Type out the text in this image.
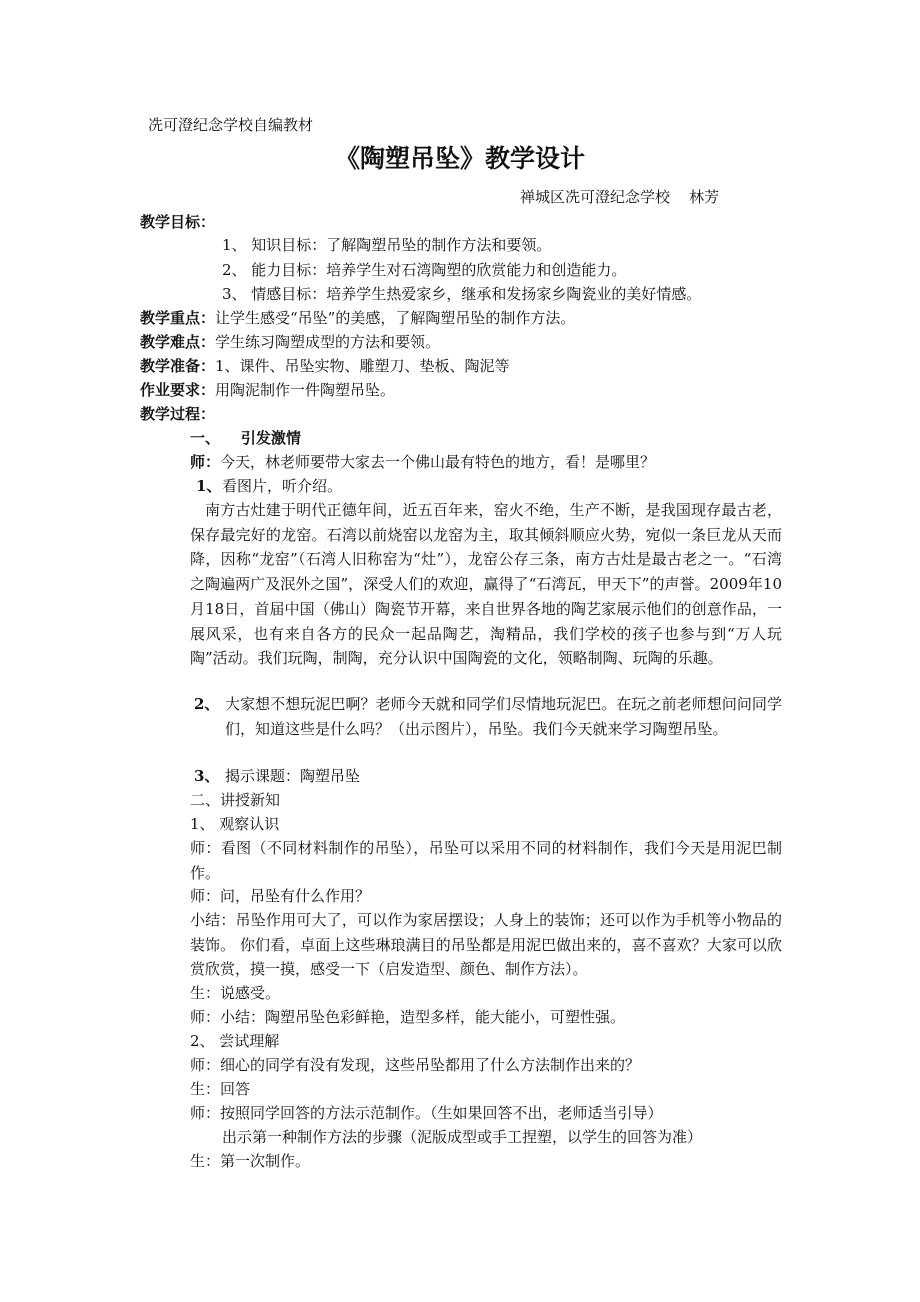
冼可澄纪念学校自编教材
《陶塑吊坠》教学设计
禅城区冼可澄纪念学校    林芳
教学目标：
1、 知识目标：了解陶塑吊坠的制作方法和要领。
2、 能力目标：培养学生对石湾陶塑的欣赏能力和创造能力。
3、 情感目标：培养学生热爱家乡，继承和发扬家乡陶瓷业的美好情感。
教学重点：让学生感受“吊坠”的美感，了解陶塑吊坠的制作方法。
教学难点：学生练习陶塑成型的方法和要领。
教学准备：1、课件、吊坠实物、雕塑刀、垫板、陶泥等
作业要求：用陶泥制作一件陶塑吊坠。
教学过程：
一、    引发激情
师：今天，林老师要带大家去一个佛山最有特色的地方，看！是哪里？
1、看图片，听介绍。
南方古灶建于明代正德年间，近五百年来，窑火不绝，生产不断，是我国现存最古老，保存最完好的龙窑。石湾以前烧窑以龙窑为主，取其倾斜顺应火势，宛似一条巨龙从天而降，因称“龙窑”（石湾人旧称窑为“灶”），龙窑公存三条，南方古灶是最古老之一。“石湾之陶遍两广及泯外之国”，深受人们的欢迎，赢得了“石湾瓦，甲天下”的声誉。2009年10月18日，首届中国（佛山）陶瓷节开幕，来自世界各地的陶艺家展示他们的创意作品，一展风采，也有来自各方的民众一起品陶艺，淘精品，我们学校的孩子也参与到“万人玩陶”活动。我们玩陶，制陶，充分认识中国陶瓷的文化，领略制陶、玩陶的乐趣。
2、 大家想不想玩泥巴啊？老师今天就和同学们尽情地玩泥巴。在玩之前老师想问问同学们，知道这些是什么吗？（出示图片），吊坠。我们今天就来学习陶塑吊坠。
3、 揭示课题：陶塑吊坠
二、讲授新知
1、 观察认识
师：看图（不同材料制作的吊坠），吊坠可以采用不同的材料制作，我们今天是用泥巴制作。
师：问，吊坠有什么作用？
小结：吊坠作用可大了，可以作为家居摆设；人身上的装饰；还可以作为手机等小物品的装饰。 你们看，卓面上这些琳琅满目的吊坠都是用泥巴做出来的，喜不喜欢？大家可以欣赏欣赏，摸一摸，感受一下（启发造型、颜色、制作方法）。
生：说感受。
师：小结：陶塑吊坠色彩鲜艳，造型多样，能大能小，可塑性强。
2、 尝试理解
师：细心的同学有没有发现，这些吊坠都用了什么方法制作出来的？
生：回答
师：按照同学回答的方法示范制作。（生如果回答不出，老师适当引导）
出示第一种制作方法的步骤（泥版成型或手工捏塑，以学生的回答为准）
生：第一次制作。
